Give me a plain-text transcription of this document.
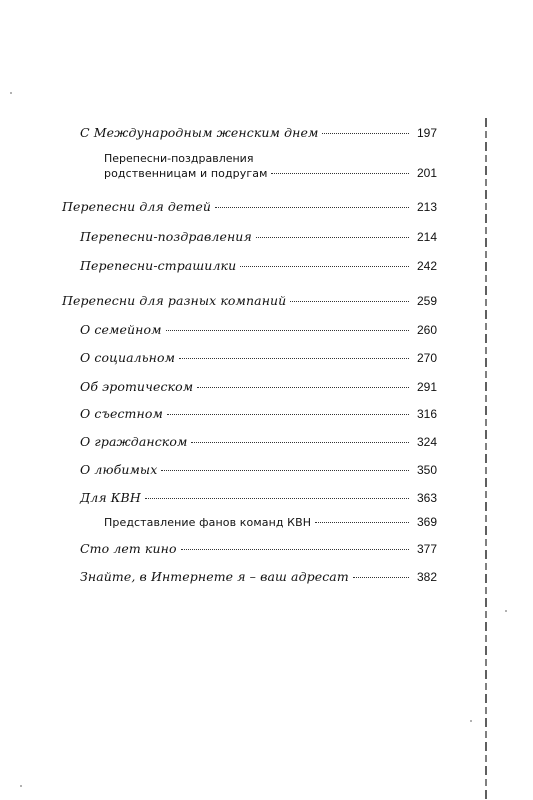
С Международным женским днем	197
Перепесни-поздравления
родственницам и подругам	201
Перепесни для детей	213
Перепесни-поздравления	214
Перепесни-страшилки	242
Перепесни для разных компаний	259
О семейном	260
О социальном	270
Об эротическом	291
О съестном	316
О гражданском	324
О любимых	350
Для КВН	363
Представление фанов команд КВН	369
Сто лет кино	377
Знайте, в Интернете я – ваш адресат	382
